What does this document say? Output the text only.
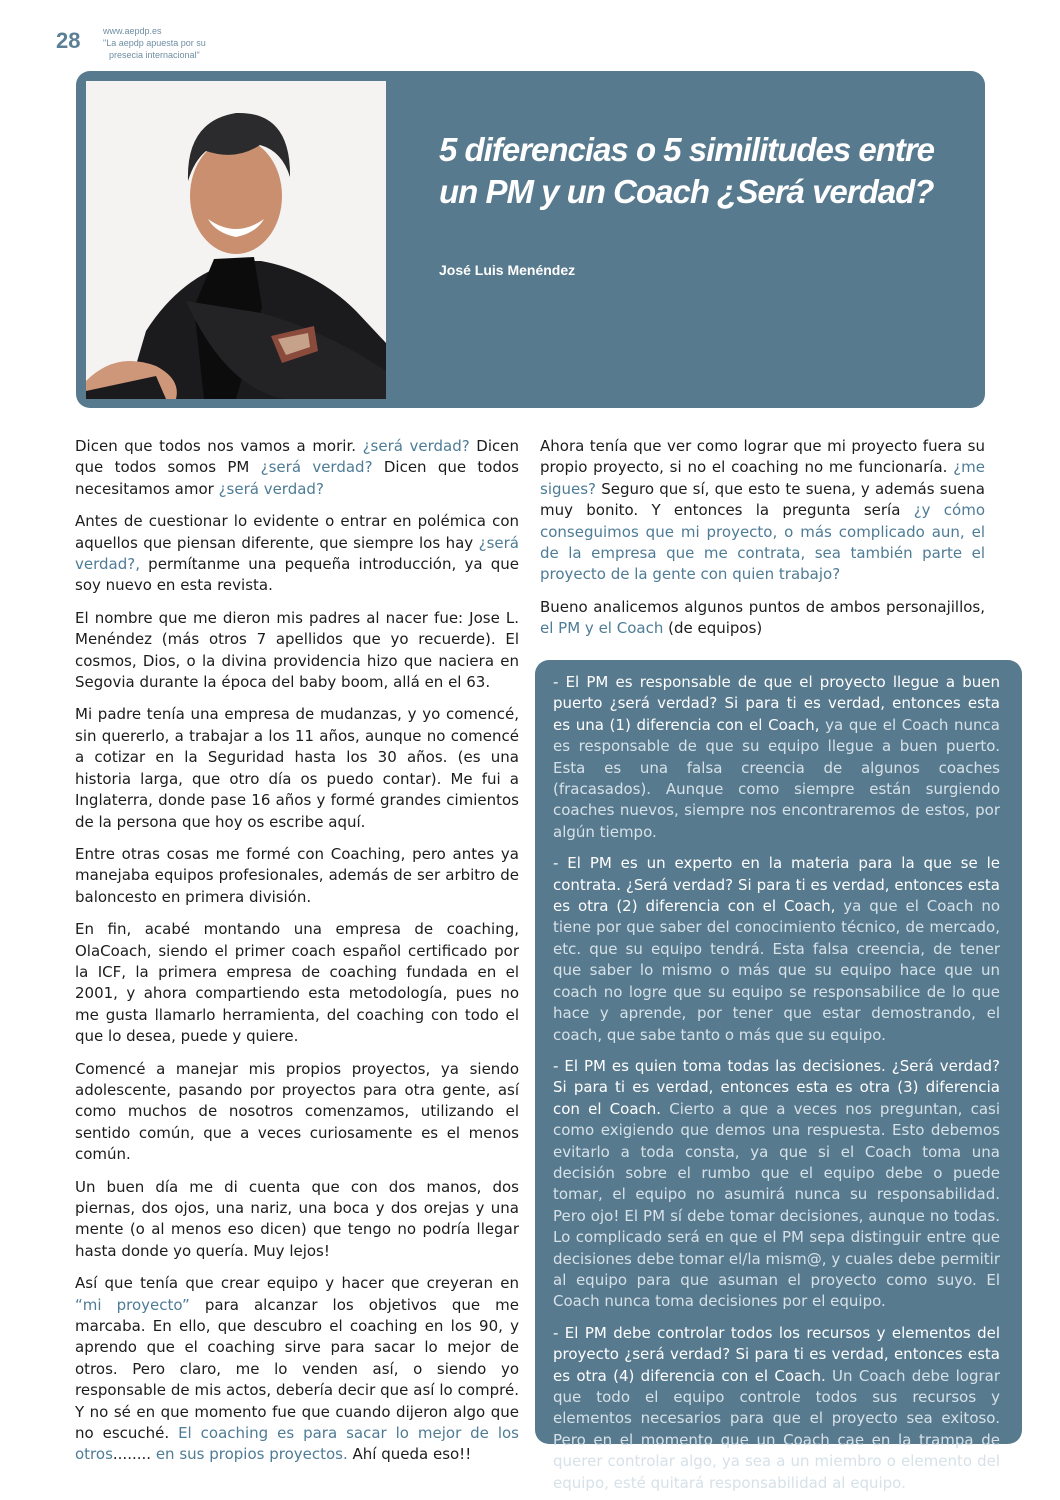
28	www.aepdp.es
"La aepdp apuesta por su
presecia internacional"
5 diferencias o 5 similitudes entre un PM y un Coach ¿Será verdad?
José Luis Menéndez

Dicen que todos nos vamos a morir. ¿será verdad? Dicen que todos somos PM ¿será verdad? Dicen que todos necesitamos amor ¿será verdad?

Antes de cuestionar lo evidente o entrar en polémica con aquellos que piensan diferente, que siempre los hay ¿será verdad?, permítanme una pequeña introducción, ya que soy nuevo en esta revista.

El nombre que me dieron mis padres al nacer fue: Jose L. Menéndez (más otros 7 apellidos que yo recuerde). El cosmos, Dios, o la divina providencia hizo que naciera en Segovia durante la época del baby boom, allá en el 63.

Mi padre tenía una empresa de mudanzas, y yo comencé, sin quererlo, a trabajar a los 11 años, aunque no comencé a cotizar en la Seguridad hasta los 30 años. (es una historia larga, que otro día os puedo contar). Me fui a Inglaterra, donde pase 16 años y formé grandes cimientos de la persona que hoy os escribe aquí.

Entre otras cosas me formé con Coaching, pero antes ya manejaba equipos profesionales, además de ser arbitro de baloncesto en primera división.

En fin, acabé montando una empresa de coaching, OlaCoach, siendo el primer coach español certificado por la ICF, la primera empresa de coaching fundada en el 2001, y ahora compartiendo esta metodología, pues no me gusta llamarlo herramienta, del coaching con todo el que lo desea, puede y quiere.

Comencé a manejar mis propios proyectos, ya siendo adolescente, pasando por proyectos para otra gente, así como muchos de nosotros comenzamos, utilizando el sentido común, que a veces curiosamente es el menos común.

Un buen día me di cuenta que con dos manos, dos piernas, dos ojos, una nariz, una boca y dos orejas y una mente (o al menos eso dicen) que tengo no podría llegar hasta donde yo quería. Muy lejos!

Así que tenía que crear equipo y hacer que creyeran en “mi proyecto” para alcanzar los objetivos que me marcaba. En ello, que descubro el coaching en los 90, y aprendo que el coaching sirve para sacar lo mejor de otros. Pero claro, me lo venden así, o siendo yo responsable de mis actos, debería decir que así lo compré. Y no sé en que momento fue que cuando dijeron algo que no escuché. El coaching es para sacar lo mejor de los otros........ en sus propios proyectos. Ahí queda eso!!

Ahora tenía que ver como lograr que mi proyecto fuera su propio proyecto, si no el coaching no me funcionaría. ¿me sigues? Seguro que sí, que esto te suena, y además suena muy bonito. Y entonces la pregunta sería ¿y cómo conseguimos que mi proyecto, o más complicado aun, el de la empresa que me contrata, sea también parte el proyecto de la gente con quien trabajo?

Bueno analicemos algunos puntos de ambos personajillos, el PM y el Coach (de equipos)

- El PM es responsable de que el proyecto llegue a buen puerto ¿será verdad? Si para ti es verdad, entonces esta es una (1) diferencia con el Coach, ya que el Coach nunca es responsable de que su equipo llegue a buen puerto. Esta es una falsa creencia de algunos coaches (fracasados). Aunque como siempre están surgiendo coaches nuevos, siempre nos encontraremos de estos, por algún tiempo.

- El PM es un experto en la materia para la que se le contrata. ¿Será verdad? Si para ti es verdad, entonces esta es otra (2) diferencia con el Coach, ya que el Coach no tiene por que saber del conocimiento técnico, de mercado, etc. que su equipo tendrá. Esta falsa creencia, de tener que saber lo mismo o más que su equipo hace que un coach no logre que su equipo se responsabilice de lo que hace y aprende, por tener que estar demostrando, el coach, que sabe tanto o más que su equipo.

- El PM es quien toma todas las decisiones. ¿Será verdad? Si para ti es verdad, entonces esta es otra (3) diferencia con el Coach. Cierto a que a veces nos preguntan, casi como exigiendo que demos una respuesta. Esto debemos evitarlo a toda consta, ya que si el Coach toma una decisión sobre el rumbo que el equipo debe o puede tomar, el equipo no asumirá nunca su responsabilidad. Pero ojo! El PM sí debe tomar decisiones, aunque no todas. Lo complicado será en que el PM sepa distinguir entre que decisiones debe tomar el/la mism@, y cuales debe permitir al equipo para que asuman el proyecto como suyo. El Coach nunca toma decisiones por el equipo.

- El PM debe controlar todos los recursos y elementos del proyecto ¿será verdad? Si para ti es verdad, entonces esta es otra (4) diferencia con el Coach. Un Coach debe lograr que todo el equipo controle todos sus recursos y elementos necesarios para que el proyecto sea exitoso. Pero en el momento que un Coach cae en la trampa de querer controlar algo, ya sea a un miembro o elemento del equipo, esté quitará responsabilidad al equipo.
